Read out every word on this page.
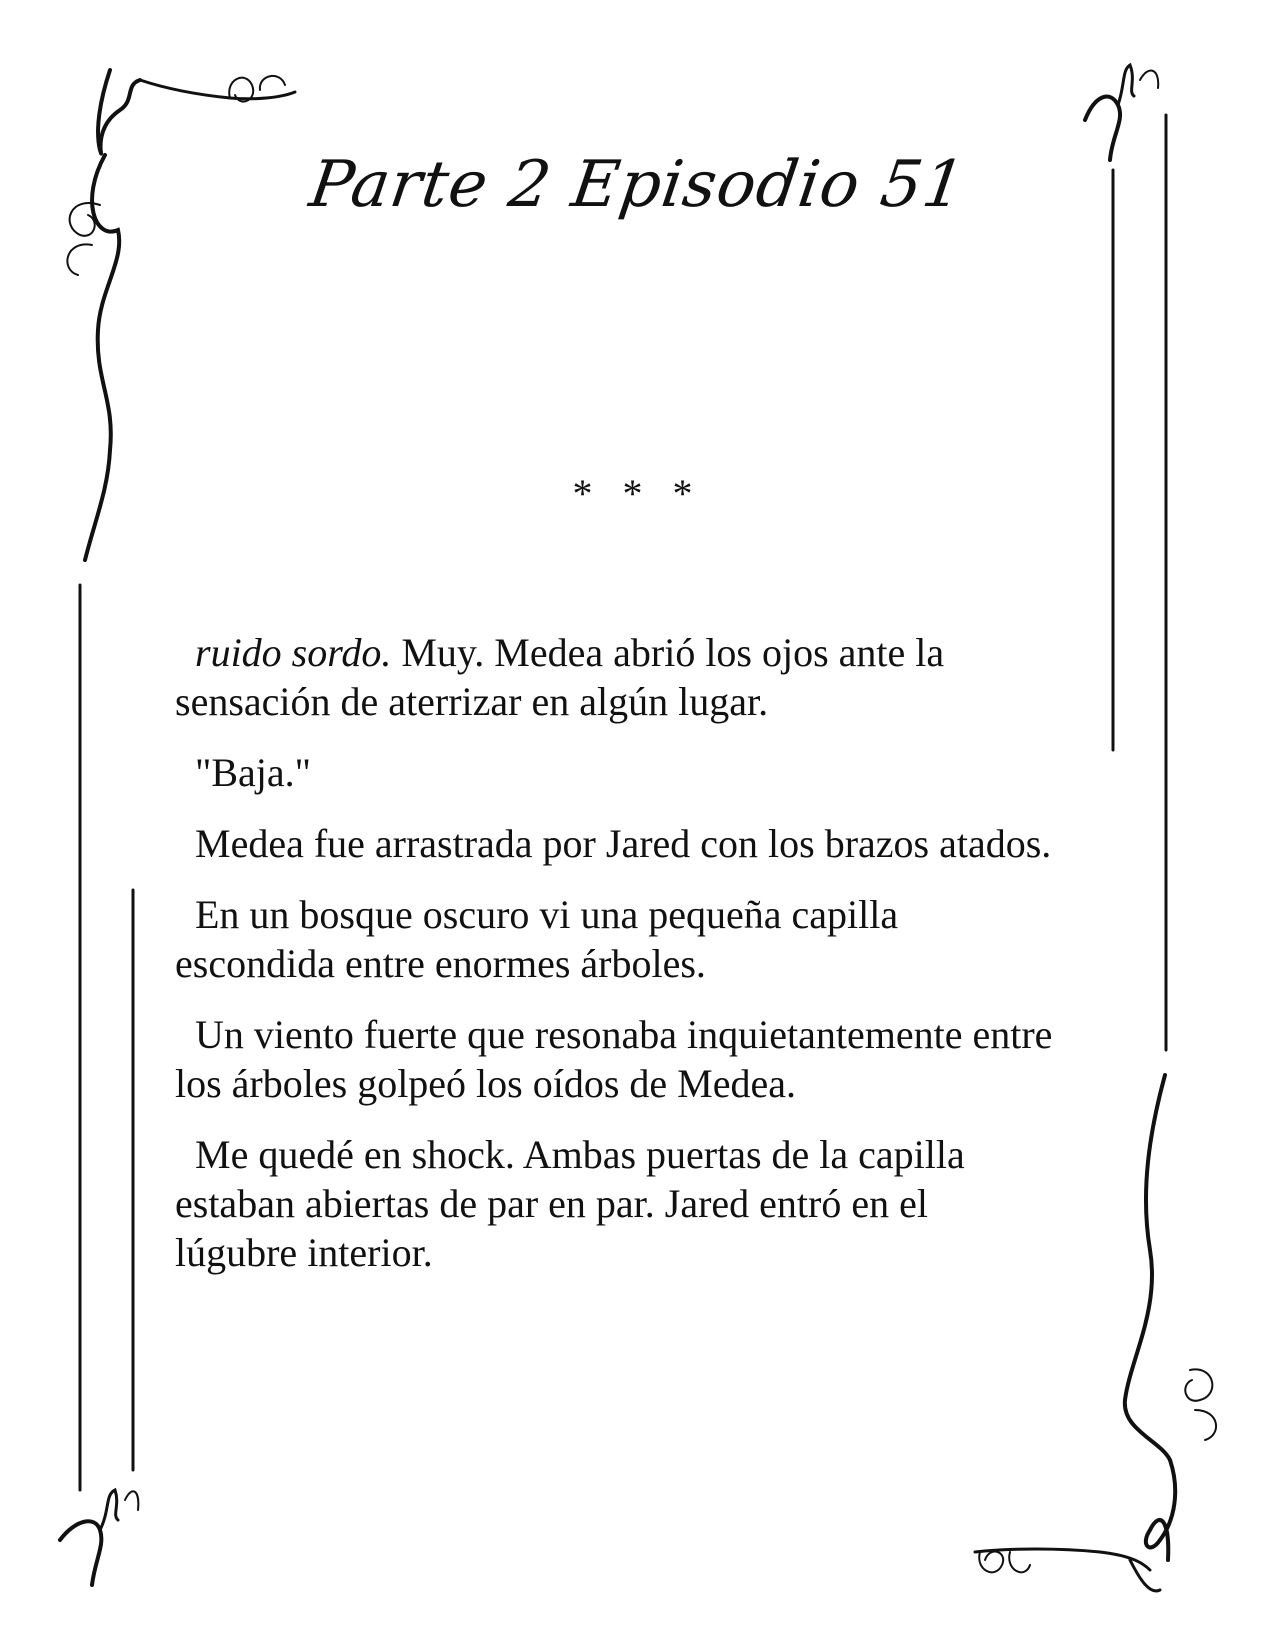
Parte 2 Episodio 51
* * *

ruido sordo. Muy. Medea abrió los ojos ante la sensación de aterrizar en algún lugar.

"Baja."

Medea fue arrastrada por Jared con los brazos atados.

En un bosque oscuro vi una pequeña capilla escondida entre enormes árboles.

Un viento fuerte que resonaba inquietantemente entre los árboles golpeó los oídos de Medea.

Me quedé en shock. Ambas puertas de la capilla estaban abiertas de par en par. Jared entró en el lúgubre interior.
